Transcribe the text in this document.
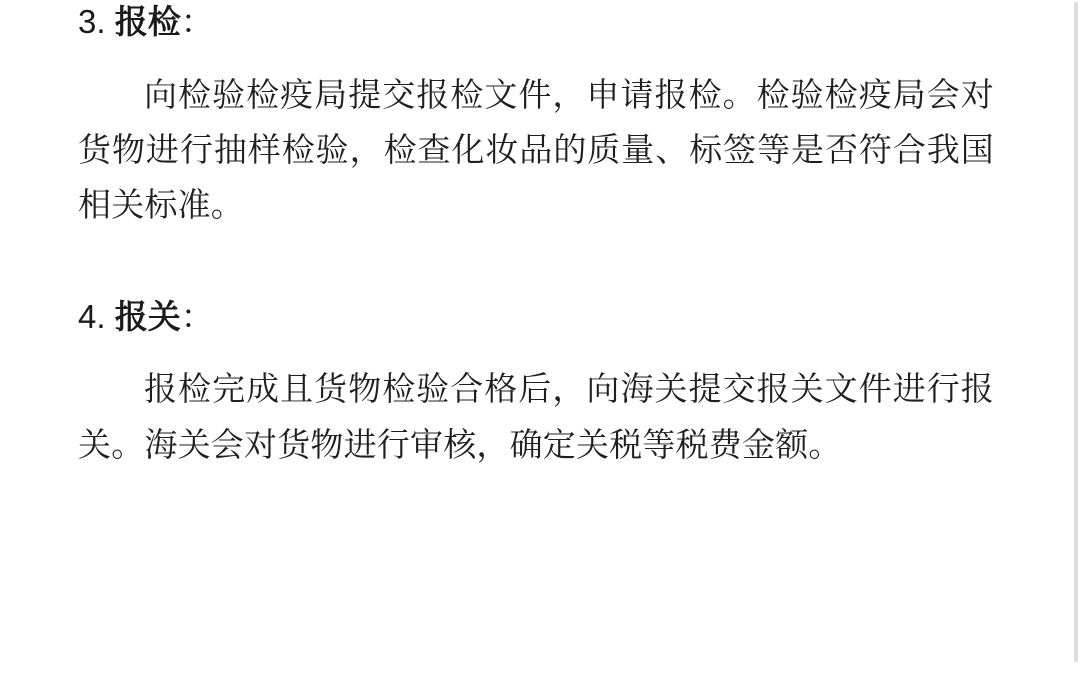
3. 报检：

向检验检疫局提交报检文件，申请报检。检验检疫局会对货物进行抽样检验，检查化妆品的质量、标签等是否符合我国相关标准。

4. 报关：

报检完成且货物检验合格后，向海关提交报关文件进行报关。海关会对货物进行审核，确定关税等税费金额。
